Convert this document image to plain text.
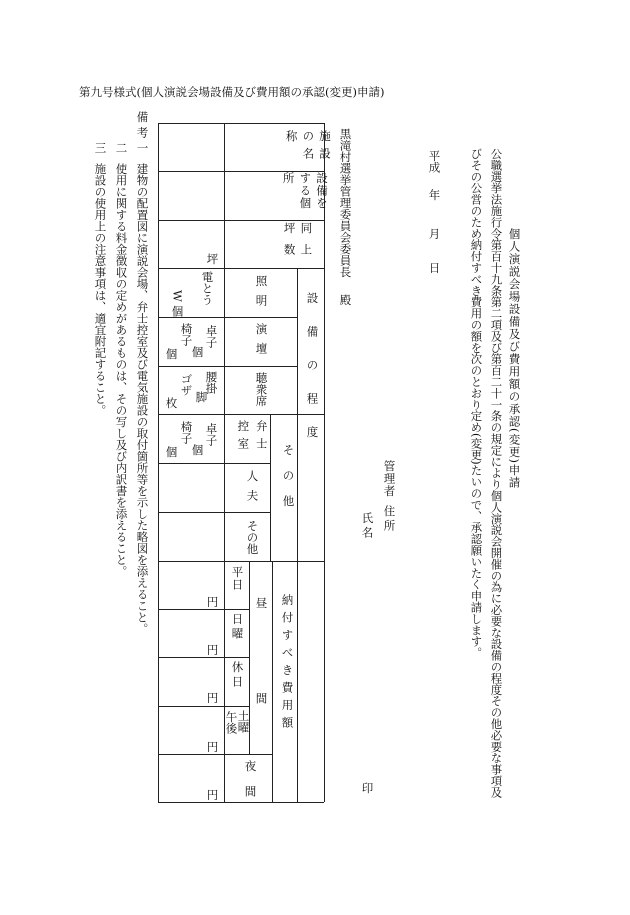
第九号様式(個人演説会場設備及び費用額の承認(変更)申請)
個人演説会場設備及び費用額の承認(変更)申請
公職選挙法施行令第百十九条第二項及び第百二十一条の規定により個人演説会開催の為に必要な設備の程度その他必要な事項及
びその公営のため納付すべき費用の額を次のとおり定め(変更)たいので、承認願いたく申請します。
平成
年
月
日
管理者
住所
氏名
印
黒滝村選挙管理委員会委員長
殿
施設の名称
設備をする個所
同上坪数
坪
設備の程度
照明
電とう
W 個
演壇
卓子
椅子
個
個
聴衆席
腰掛
ゴザ
脚
枚
その他
弁士控室
卓子
椅子
個
個
人夫
その他
納付すべき費用額
昼間
平日
日曜
休日
土曜
午後
夜間
円
円
円
円
円
備考
一
建物の配置図に演説会場、弁士控室及び電気施設の取付箇所等を示した略図を添えること。
二
使用に関する料金徴収の定めがあるものは、その写し及び内訳書を添えること。
三
施設の使用上の注意事項は、適宜附記すること。
